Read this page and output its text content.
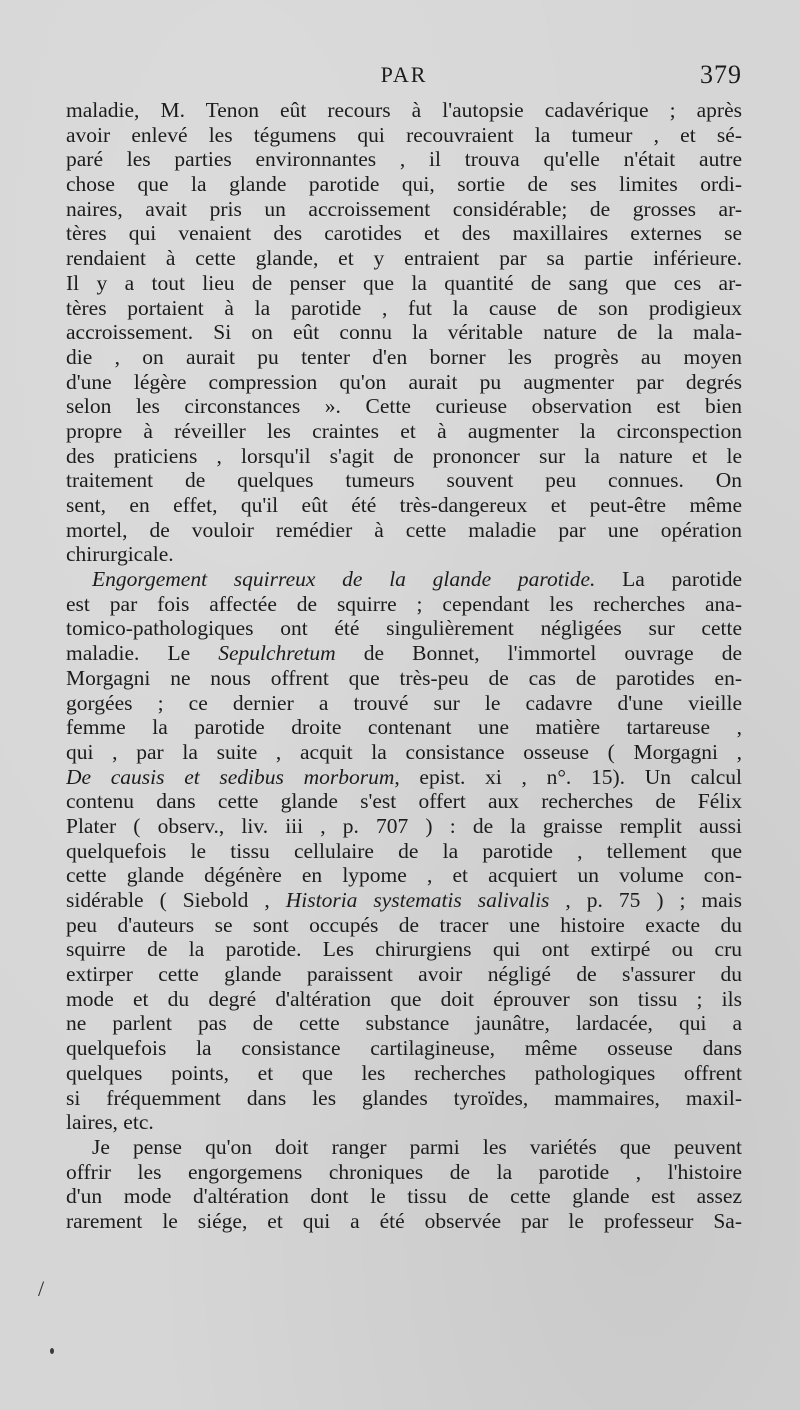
PAR	379
maladie, M. Tenon eût recours à l'autopsie cadavérique ; après
avoir enlevé les tégumens qui recouvraient la tumeur , et sé-
paré les parties environnantes , il trouva qu'elle n'était autre
chose que la glande parotide qui, sortie de ses limites ordi-
naires, avait pris un accroissement considérable; de grosses ar-
tères qui venaient des carotides et des maxillaires externes se
rendaient à cette glande, et y entraient par sa partie inférieure.
Il y a tout lieu de penser que la quantité de sang que ces ar-
tères portaient à la parotide , fut la cause de son prodigieux
accroissement. Si on eût connu la véritable nature de la mala-
die , on aurait pu tenter d'en borner les progrès au moyen
d'une légère compression qu'on aurait pu augmenter par degrés
selon les circonstances ». Cette curieuse observation est bien
propre à réveiller les craintes et à augmenter la circonspection
des praticiens , lorsqu'il s'agit de prononcer sur la nature et le
traitement de quelques tumeurs souvent peu connues. On
sent, en effet, qu'il eût été très-dangereux et peut-être même
mortel, de vouloir remédier à cette maladie par une opération
chirurgicale.
Engorgement squirreux de la glande parotide. La parotide
est par fois affectée de squirre ; cependant les recherches ana-
tomico-pathologiques ont été singulièrement négligées sur cette
maladie. Le Sepulchretum de Bonnet, l'immortel ouvrage de
Morgagni ne nous offrent que très-peu de cas de parotides en-
gorgées ; ce dernier a trouvé sur le cadavre d'une vieille
femme la parotide droite contenant une matière tartareuse ,
qui , par la suite , acquit la consistance osseuse ( Morgagni ,
De causis et sedibus morborum, epist. xi , n°. 15). Un calcul
contenu dans cette glande s'est offert aux recherches de Félix
Plater ( observ., liv. iii , p. 707 ) : de la graisse remplit aussi
quelquefois le tissu cellulaire de la parotide , tellement que
cette glande dégénère en lypome , et acquiert un volume con-
sidérable ( Siebold , Historia systematis salivalis , p. 75 ) ; mais
peu d'auteurs se sont occupés de tracer une histoire exacte du
squirre de la parotide. Les chirurgiens qui ont extirpé ou cru
extirper cette glande paraissent avoir négligé de s'assurer du
mode et du degré d'altération que doit éprouver son tissu ; ils
ne parlent pas de cette substance jaunâtre, lardacée, qui a
quelquefois la consistance cartilagineuse, même osseuse dans
quelques points, et que les recherches pathologiques offrent
si fréquemment dans les glandes tyroïdes, mammaires, maxil-
laires, etc.
Je pense qu'on doit ranger parmi les variétés que peuvent
offrir les engorgemens chroniques de la parotide , l'histoire
d'un mode d'altération dont le tissu de cette glande est assez
rarement le siége, et qui a été observée par le professeur Sa-
/
